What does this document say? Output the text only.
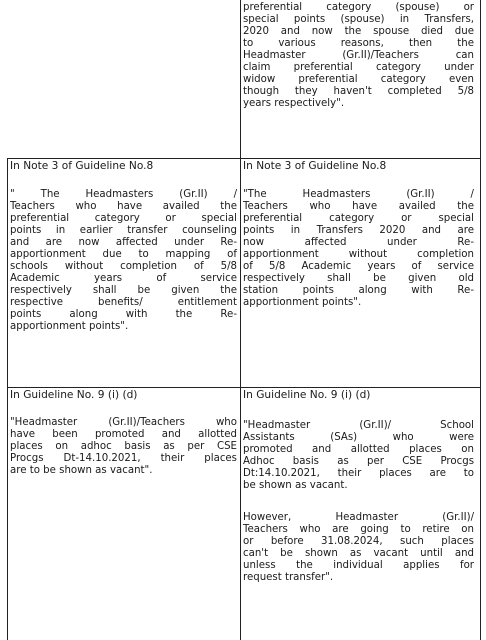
preferential category (spouse) or
special points (spouse) in Transfers,
2020 and now the spouse died due
to various reasons, then the
Headmaster (Gr.II)/Teachers can
claim preferential category under
widow preferential category even
though they haven't completed 5/8
years respectively".
In Note 3 of Guideline No.8
" The Headmasters (Gr.II) /
Teachers who have availed the
preferential category or special
points in earlier transfer counseling
and are now affected under Re-
apportionment due to mapping of
schools without completion of 5/8
Academic years of service
respectively shall be given the
respective benefits/ entitlement
points along with the Re-
apportionment points".
In Note 3 of Guideline No.8
"The Headmasters (Gr.II) /
Teachers who have availed the
preferential category or special
points in Transfers 2020 and are
now affected under Re-
apportionment without completion
of 5/8 Academic years of service
respectively shall be given old
station points along with Re-
apportionment points".
In Guideline No. 9 (i) (d)
"Headmaster (Gr.II)/Teachers who
have been promoted and allotted
places on adhoc basis as per CSE
Procgs Dt-14.10.2021, their places
are to be shown as vacant".
In Guideline No. 9 (i) (d)
"Headmaster (Gr.II)/ School
Assistants (SAs) who were
promoted and allotted places on
Adhoc basis as per CSE Procgs
Dt:14.10.2021, their places are to
be shown as vacant.
However, Headmaster (Gr.II)/
Teachers who are going to retire on
or before 31.08.2024, such places
can't be shown as vacant until and
unless the individual applies for
request transfer".
